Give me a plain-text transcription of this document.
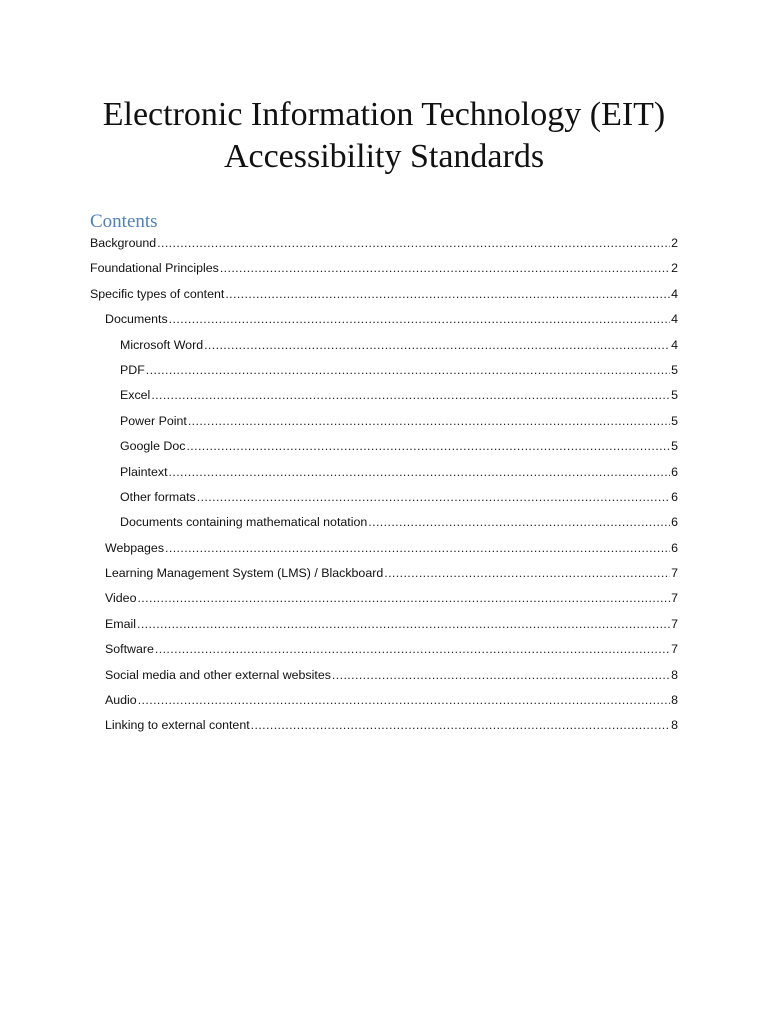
Electronic Information Technology (EIT)
Accessibility Standards
Contents
Background .....	2
Foundational Principles .....	2
Specific types of content .....	4
Documents .....	4
Microsoft Word .....	4
PDF .....	5
Excel .....	5
Power Point .....	5
Google Doc .....	5
Plaintext .....	6
Other formats .....	6
Documents containing mathematical notation .....	6
Webpages .....	6
Learning Management System (LMS) / Blackboard .....	7
Video .....	7
Email .....	7
Software .....	7
Social media and other external websites .....	8
Audio .....	8
Linking to external content .....	8
